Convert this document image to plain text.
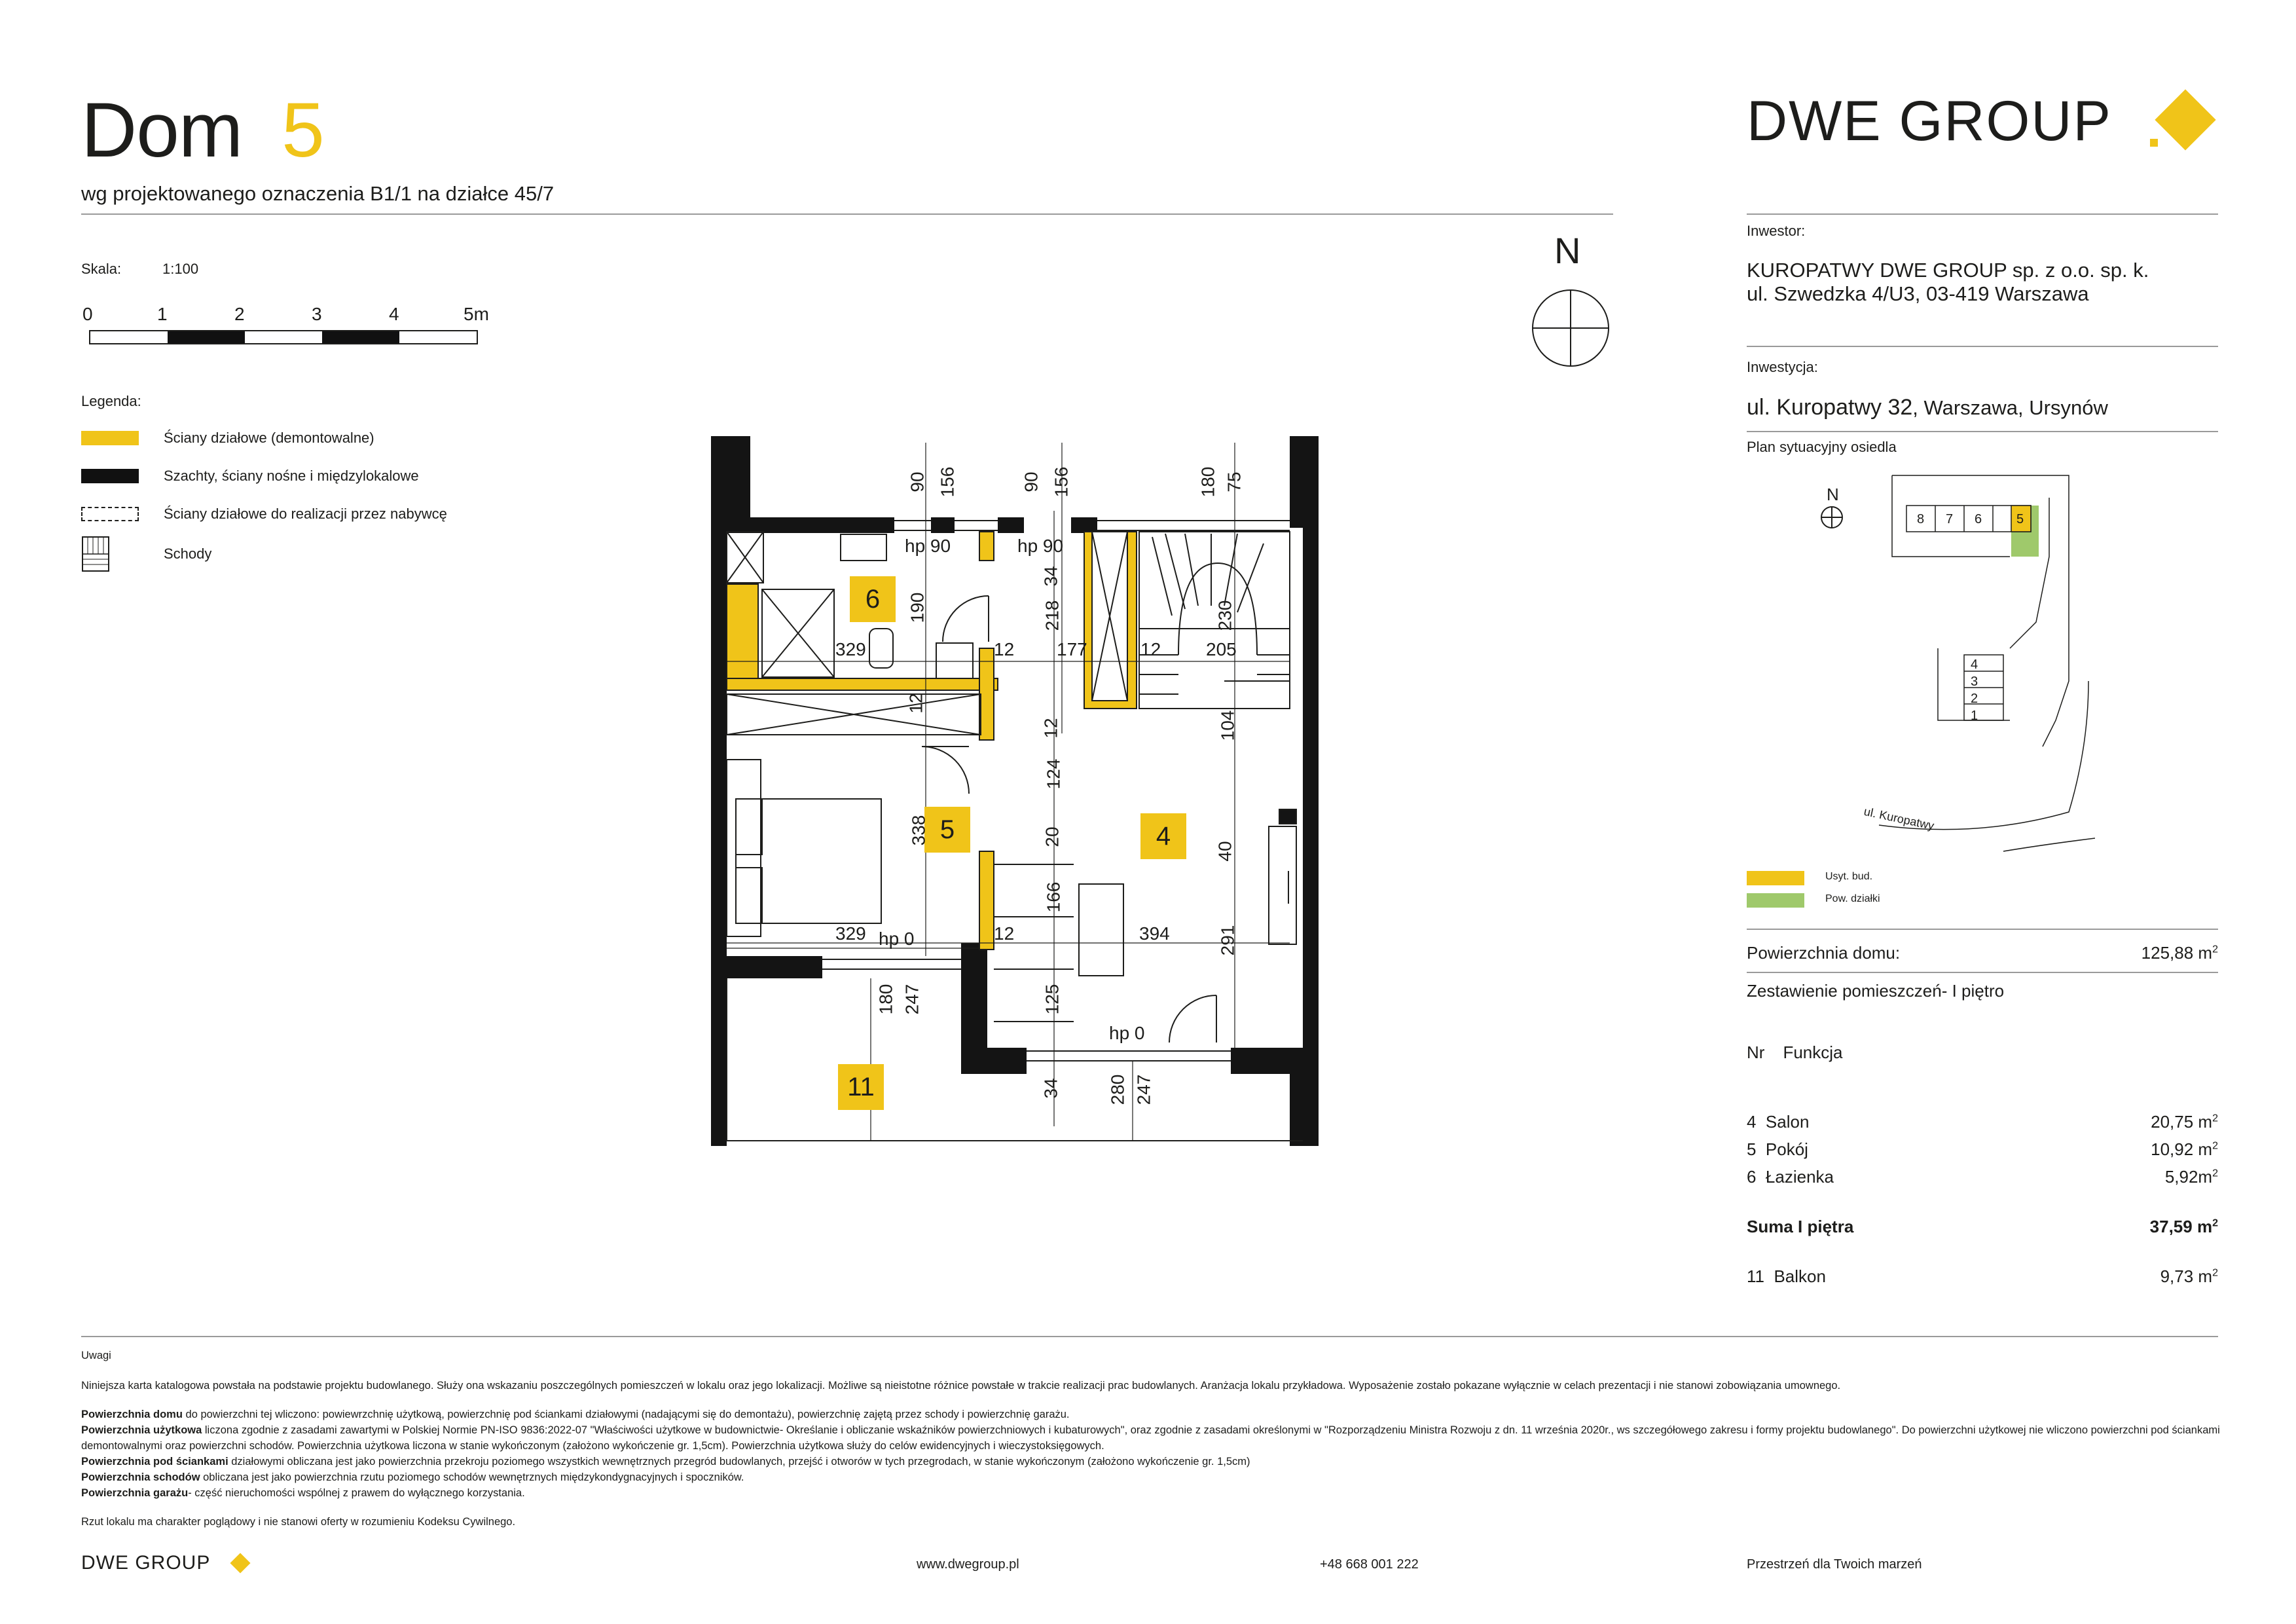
Dom 5
wg projektowanego oznaczenia B1/1 na działce 45/7
Skala:	1:100
0	1	2	3	4	5m
Legenda:
Ściany działowe (demontowalne)
Szachty, ściany nośne i międzylokalowe
Ściany działowe do realizacji przez nabywcę
Schody
N
6
5	4
11
90 156	90 156	180 75
hp 90	hp 90
34
190	218	230
329	12 177	12 205
12
12	104
124
338	20
40
166
329 hp 0	12	394	291
180 247	125
hp 0
34	280 247
DWE GROUP
Inwestor:
KUROPATWY DWE GROUP sp. z o.o. sp. k.
ul. Szwedzka 4/U3, 03-419 Warszawa
Inwestycja:
ul. Kuropatwy 32, Warszawa, Ursynów
Plan sytuacyjny osiedla
N
8 7 6	5
4
3
2
1
ul. Kuropatwy
Usyt. bud.
Pow. działki
Powierzchnia domu:	125,88 $m^2$
Zestawienie pomieszczeń- I piętro
Nr Funkcja
4 Salon	20,75 $m^2$
5 Pokój	10,92 $m^2$
6 Łazienka	$5,92m^2$
Suma I piętra	37,59 $m^2$
11 Balkon	9,73 $m^2$
Uwagi
Niniejsza karta katalogowa powstała na podstawie projektu budowlanego. Służy ona wskazaniu poszczególnych pomieszczeń w lokalu oraz jego lokalizacji. Możliwe są nieistotne różnice powstałe w trakcie realizacji prac budowlanych. Aranżacja lokalu przykładowa. Wyposażenie zostało pokazane wyłącznie w celach prezentacji i nie stanowi zobowiązania umownego.
Powierzchnia domu do powierzchni tej wliczono: powiewrzchnię użytkową, powierzchnię pod ściankami działowymi (nadającymi się do demontażu), powierzchnię zajętą przez schody i powierzchnię garażu.
Powierzchnia użytkowa liczona zgodnie z zasadami zawartymi w Polskiej Normie PN-ISO 9836:2022-07 "Właściwości użytkowe w budownictwie- Określanie i obliczanie wskaźników powierzchniowych i kubaturowych", oraz zgodnie z zasadami określonymi w "Rozporządzeniu Ministra Rozwoju z dn. 11 września 2020r., ws szczegółowego zakresu i formy projektu budowlanego". Do powierzchni użytkowej nie wliczono powierzchni pod ściankami demontowalnymi oraz powierzchni schodów. Powierzchnia użytkowa liczona w stanie wykończonym (założono wykończenie gr. 1,5cm). Powierzchnia użytkowa służy do celów ewidencyjnych i wieczystoksięgowych.
Powierzchnia pod ściankami działowymi obliczana jest jako powierzchnia przekroju poziomego wszystkich wewnętrznych przegród budowlanych, przejść i otworów w tych przegrodach, w stanie wykończonym (założono wykończenie gr. 1,5cm)
Powierzchnia schodów obliczana jest jako powierzchnia rzutu poziomego schodów wewnętrznych międzykondygnacyjnych i spoczników.
Powierzchnia garażu- część nieruchomości wspólnej z prawem do wyłącznego korzystania.
Rzut lokalu ma charakter poglądowy i nie stanowi oferty w rozumieniu Kodeksu Cywilnego.
DWE GROUP	www.dwegroup.pl	+48 668 001 222	Przestrzeń dla Twoich marzeń
